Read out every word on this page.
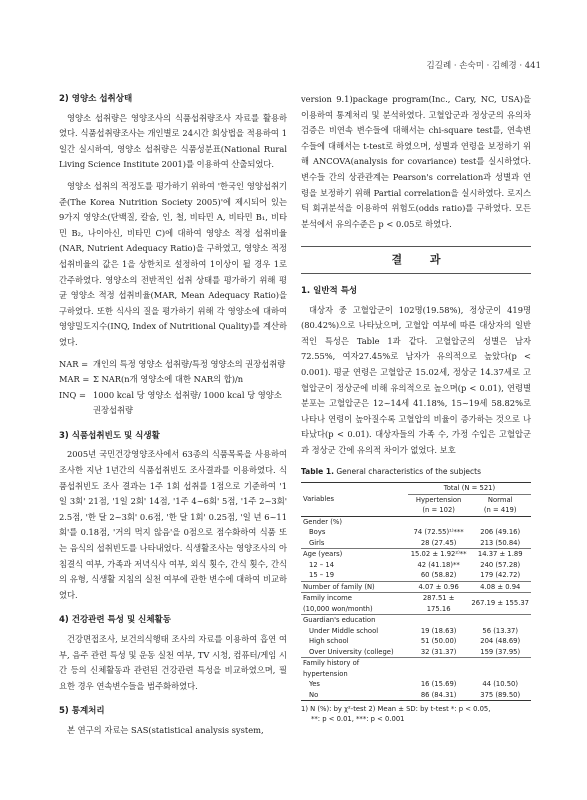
김길례 · 손숙미 · 김혜경 · 441
2) 영양소 섭취상태

영양소 섭취량은 영양조사의 식품섭취량조사 자료를 활용하였다. 식품섭취량조사는 개인별로 24시간 회상법을 적용하여 1일간 실시하여, 영양소 섭취량은 식품성분표(National Rural Living Science Institute 2001)를 이용하여 산출되었다.

영양소 섭취의 적정도를 평가하기 위하여 '한국인 영양섭취기준(The Korea Nutrition Society 2005)'에 제시되어 있는 9가지 영양소(단백질, 칼슘, 인, 철, 비타민 A, 비타민 B₁, 비타민 B₂, 나이아신, 비타민 C)에 대하여 영양소 적정 섭취비율(NAR, Nutrient Adequacy Ratio)을 구하였고, 영양소 적정 섭취비율의 값은 1을 상한치로 설정하여 1이상이 될 경우 1로 간주하였다. 영양소의 전반적인 섭취 상태를 평가하기 위해 평균 영양소 적정 섭취비율(MAR, Mean Adequacy Ratio)을 구하였다. 또한 식사의 질을 평가하기 위해 각 영양소에 대하여 영양밀도지수(INQ, Index of Nutritional Quality)를 계산하였다.

NAR = 개인의 특정 영양소 섭취량/특정 영양소의 권장섭취량
MAR = Σ NAR(n개 영양소에 대한 NAR의 합)/n
INQ = 1000 kcal 당 영양소 섭취량/ 1000 kcal 당 영양소 권장섭취량
3) 식품섭취빈도 및 식생활

2005년 국민건강영양조사에서 63종의 식품목록을 사용하여 조사한 지난 1년간의 식품섭취빈도 조사결과를 이용하였다. 식품섭취빈도 조사 결과는 1주 1회 섭취를 1점으로 기준하여 '1일 3회' 21점, '1일 2회' 14점, '1주 4~6회' 5점, '1주 2~3회' 2.5점, '한 달 2~3회' 0.6점, '한 달 1회' 0.25점, '일 년 6~11회'를 0.18점, '거의 먹지 않음'을 0점으로 점수화하여 식품 또는 음식의 섭취빈도를 나타내었다. 식생활조사는 영양조사의 아침결식 여부, 가족과 저녁식사 여부, 외식 횟수, 간식 횟수, 간식의 유형, 식생활 지침의 실천 여부에 관한 변수에 대하여 비교하였다.

4) 건강관련 특성 및 신체활동

건강면접조사, 보건의식행태 조사의 자료를 이용하여 흡연 여부, 음주 관련 특성 및 운동 실천 여부, TV 시청, 컴퓨터/게임 시간 등의 신체활동과 관련된 건강관련 특성을 비교하였으며, 필요한 경우 연속변수들을 범주화하였다.

5) 통계처리

본 연구의 자료는 SAS(statistical analysis system,

version 9.1)package program(Inc., Cary, NC, USA)을 이용하여 통계처리 및 분석하였다. 고혈압군과 정상군의 유의차 검증은 비연속 변수들에 대해서는 chi-square test를, 연속변수들에 대해서는 t-test로 하였으며, 성별과 연령을 보정하기 위해 ANCOVA(analysis for covariance) test를 실시하였다. 변수들 간의 상관관계는 Pearson's correlation과 성별과 연령을 보정하기 위해 Partial correlation을 실시하였다. 로지스틱 회귀분석을 이용하여 위험도(odds ratio)를 구하였다. 모든 분석에서 유의수준은 p < 0.05로 하였다.

결 과
1. 일반적 특성

대상자 중 고혈압군이 102명(19.58%), 정상군이 419명(80.42%)으로 나타났으며, 고혈압 여부에 따른 대상자의 일반적인 특성은 Table 1과 같다. 고혈압군의 성별은 남자 72.55%, 여자27.45%로 남자가 유의적으로 높았다(p < 0.001). 평균 연령은 고혈압군 15.02세, 정상군 14.37세로 고혈압군이 정상군에 비해 유의적으로 높으며(p < 0.01), 연령별 분포는 고혈압군은 12~14세 41.18%, 15~19세 58.82%로 나타나 연령이 높아질수록 고혈압의 비율이 증가하는 것으로 나타났다(p < 0.01). 대상자들의 가족 수, 가정 수입은 고혈압군과 정상군 간에 유의적 차이가 없었다. 보호

Table 1. General characteristics of the subjects
Variables	Total (N = 521)	
	Hypertension	Normal
	(n = 102)	(n = 419)
Gender (%)		
Boys	74 (72.55)¹⁾***	206 (49.16)
Girls	28 (27.45)	213 (50.84)
Age (years)	15.02 ± 1.92²⁾**	14.37 ± 1.89
12 – 14	42 (41.18)**	240 (57.28)
15 – 19	60 (58.82)	179 (42.72)
Number of family (N)	4.07 ± 0.96	4.08 ± 0.94
Family income
(10,000 won/month)	287.51 ± 175.16	267.19 ± 155.37
Guardian's education		
Under Middle school	19 (18.63)	56 (13.37)
High school	51 (50.00)	204 (48.69)
Over University (college)	32 (31.37)	159 (37.95)
Family history of hypertension		
Yes	16 (15.69)	44 (10.50)
No	86 (84.31)	375 (89.50)
1) N (%): by χ²-test 2) Mean ± SD: by t-test *: p < 0.05,
**: p < 0.01, ***: p < 0.001
